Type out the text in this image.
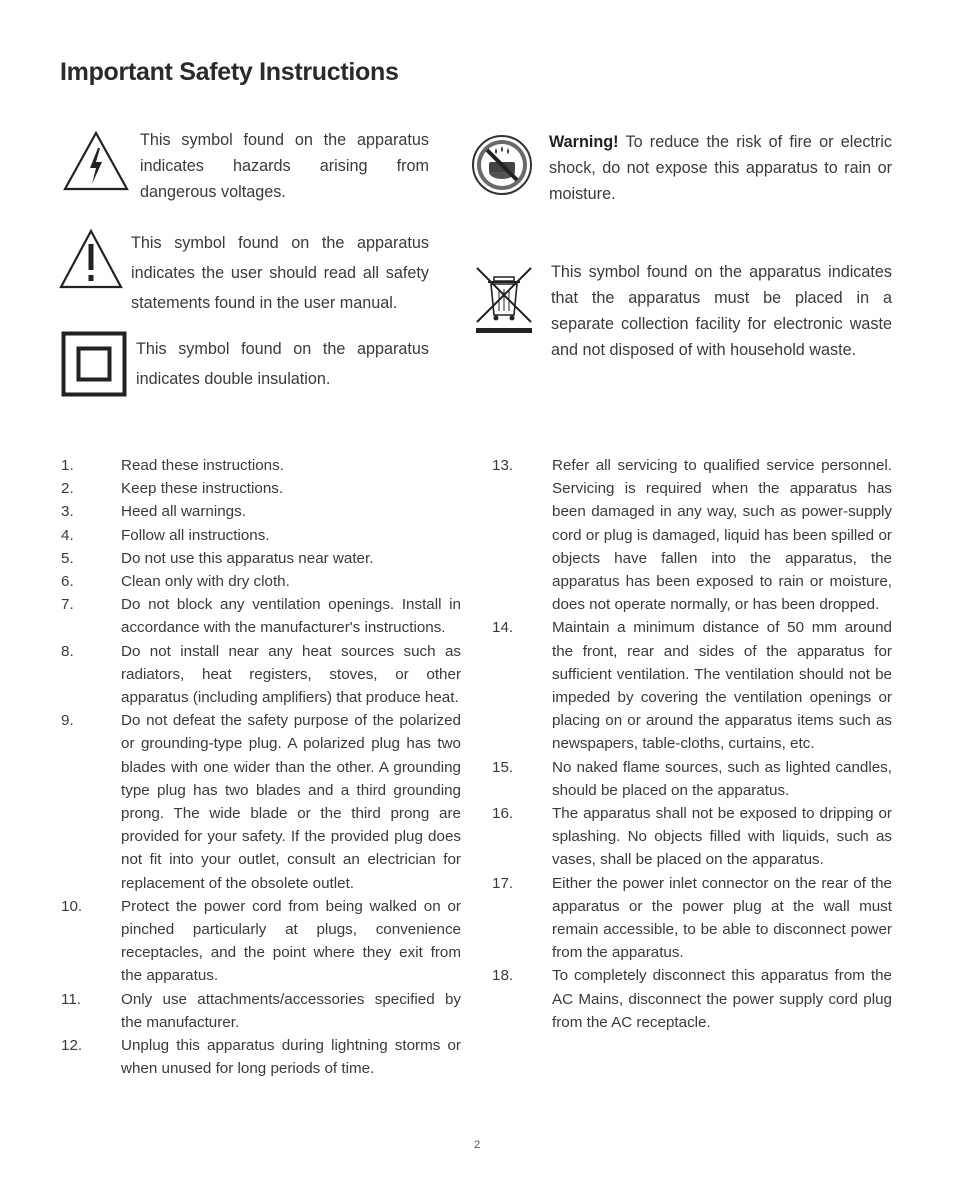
Important Safety Instructions
This symbol found on the apparatus indicates hazards arising from dangerous voltages.
This symbol found on the apparatus indicates the user should read all safety statements found in the user manual.
This symbol found on the apparatus indicates double insulation.
Warning! To reduce the risk of fire or electric shock, do not expose this apparatus to rain or moisture.
This symbol found on the apparatus indicates that the apparatus must be placed in a separate collection facility for electronic waste and not disposed of with household waste.
1.	Read these instructions.
2.	Keep these instructions.
3.	Heed all warnings.
4.	Follow all instructions.
5.	Do not use this apparatus near water.
6.	Clean only with dry cloth.
7.	Do not block any ventilation openings. Install in accordance with the manufacturer's instructions.
8.	Do not install near any heat sources such as radiators, heat registers, stoves, or other apparatus (including amplifiers) that produce heat.
9.	Do not defeat the safety purpose of the polarized or grounding-type plug. A polarized plug has two blades with one wider than the other. A grounding type plug has two blades and a third grounding prong. The wide blade or the third prong are provided for your safety. If the provided plug does not fit into your outlet, consult an electrician for replacement of the obsolete outlet.
10.	Protect the power cord from being walked on or pinched particularly at plugs, convenience receptacles, and the point where they exit from the apparatus.
11.	Only use attachments/accessories specified by the manufacturer.
12.	Unplug this apparatus during lightning storms or when unused for long periods of time.
13.	Refer all servicing to qualified service personnel. Servicing is required when the apparatus has been damaged in any way, such as power-supply cord or plug is damaged, liquid has been spilled or objects have fallen into the apparatus, the apparatus has been exposed to rain or moisture, does not operate normally, or has been dropped.
14.	Maintain a minimum distance of 50 mm around the front, rear and sides of the apparatus for sufficient ventilation. The ventilation should not be impeded by covering the ventilation openings or placing on or around the apparatus items such as newspapers, table-cloths, curtains, etc.
15.	No naked flame sources, such as lighted candles, should be placed on the apparatus.
16.	The apparatus shall not be exposed to dripping or splashing. No objects filled with liquids, such as vases, shall be placed on the apparatus.
17.	Either the power inlet connector on the rear of the apparatus or the power plug at the wall must remain accessible, to be able to disconnect power from the apparatus.
18.	To completely disconnect this apparatus from the AC Mains, disconnect the power supply cord plug from the AC receptacle.
2
